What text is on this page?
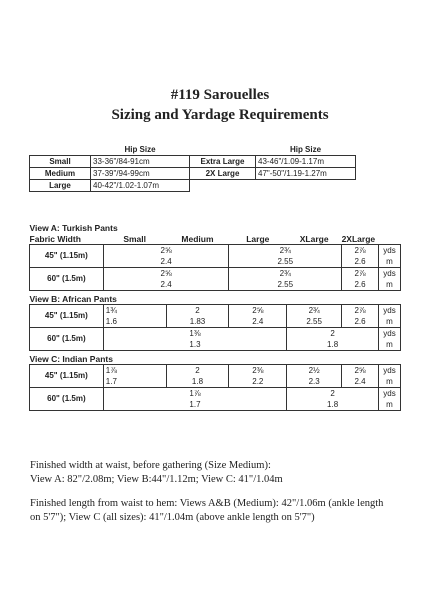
#119 Sarouelles
Sizing and Yardage Requirements
	Hip Size		Hip Size
Small	33-36"/84-91cm	Extra Large	43-46"/1.09-1.17m
Medium	37-39"/94-99cm	2X Large	47"-50"/1.19-1.27m
Large	40-42"/1.02-1.07m		
View A: Turkish Pants						
Fabric Width	Small	Medium	Large	XLarge	2XLarge	
45" (1.15m)	2⅝		2¾		2⅞	yds
	2.4		2.55		2.6	m
60" (1.5m)	2⅝		2¾		2⅞	yds
	2.4		2.55		2.6	m
View B: African Pants						
45" (1.15m)	1¾	2	2⅝	2¾	2⅞	yds
	1.6	1.83	2.4	2.55	2.6	m
60" (1.5m)	1⅜			2		yds
	1.3			1.8		m
View C: Indian Pants						
45" (1.15m)	1⅞	2	2⅜	2½	2⅝	yds
	1.7	1.8	2.2	2.3	2.4	m
60" (1.5m)	1⅞			2		yds
	1.7			1.8		m
Finished width at waist, before gathering (Size Medium):
View A: 82"/2.08m; View B:44"/1.12m; View C: 41"/1.04m
Finished length from waist to hem: Views A&B (Medium): 42"/1.06m (ankle length
on 5'7"); View C (all sizes): 41"/1.04m (above ankle length on 5'7")
